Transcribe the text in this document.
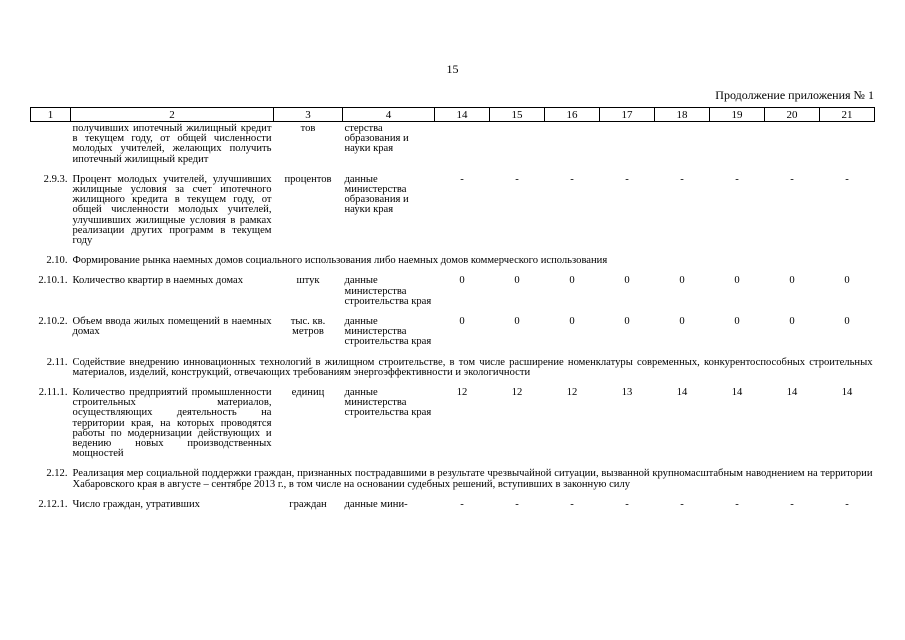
15
Продолжение приложения № 1
1	2	3	4	14	15	16	17	18	19	20	21
	получивших ипотечный жилищный кредит в текущем году, от общей численности молодых учителей, желающих получить ипотечный жилищный кредит	тов	стерства образования и науки края								
2.9.3.	Процент молодых учителей, улучшивших жилищные условия за счет ипотечного жилищного кредита в текущем году, от общей численности молодых учителей, улучшивших жилищные условия в рамках реализации других программ в текущем году	процентов	данные министерства образования и науки края	-	-	-	-	-	-	-	-
2.10.	Формирование рынка наемных домов социального использования либо наемных домов коммерческого использования										
2.10.1.	Количество квартир в наемных домах	штук	данные министерства строительства края	0	0	0	0	0	0	0	0
2.10.2.	Объем ввода жилых помещений в наемных домах	тыс. кв. метров	данные министерства строительства края	0	0	0	0	0	0	0	0
2.11.	Содействие внедрению инновационных технологий в жилищном строительстве, в том числе расширение номенклатуры современных, конкурентоспособных строительных материалов, изделий, конструкций, отвечающих требованиям энергоэффективности и экологичности										
2.11.1.	Количество предприятий промышленности строительных материалов, осуществляющих деятельность на территории края, на которых проводятся работы по модернизации действующих и ведению новых производственных мощностей	единиц	данные министерства строительства края	12	12	12	13	14	14	14	14
2.12.	Реализация мер социальной поддержки граждан, признанных пострадавшими в результате чрезвычайной ситуации, вызванной крупномасштабным наводнением на территории Хабаровского края в августе – сентябре 2013 г., в том числе на основании судебных решений, вступивших в законную силу										
2.12.1.	Число граждан, утративших	граждан	данные мини-	-	-	-	-	-	-	-	-
